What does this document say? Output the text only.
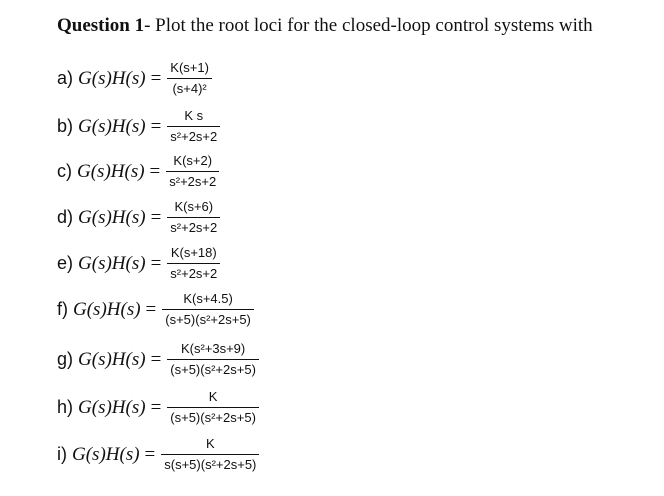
Question 1- Plot the root loci for the closed-loop control systems with
a) $G(s)H(s) = \frac{K(s+1)}{\text{(s+4)²}}$
b) $G(s)H(s) = \frac{\text{K s}}{\text{s²+2s+2}}$
c) $G(s)H(s) = \frac{K(s+2)}{\text{s²+2s+2}}$
d) $G(s)H(s) = \frac{K(s+6)}{\text{s²+2s+2}}$
e) $G(s)H(s) = \frac{K(s+18)}{\text{s²+2s+2}}$
f) $G(s)H(s) = \frac{K(s+4.5)}{\text{(s+5)(s²+2s+5)}}$
g) $G(s)H(s) = \frac{\text{K(s²+3s+9)}}{\text{(s+5)(s²+2s+5)}}$
h) $G(s)H(s) = \frac{K}{\text{(s+5)(s²+2s+5)}}$
i) $G(s)H(s) = \frac{K}{\text{s(s+5)(s²+2s+5)}}$
